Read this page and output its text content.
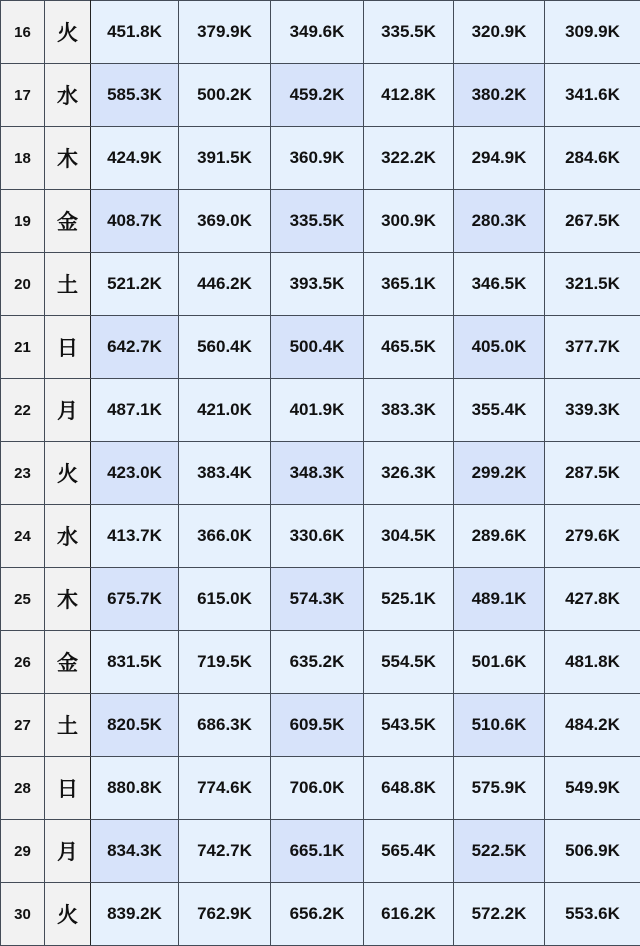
16	火	451.8K	379.9K	349.6K	335.5K	320.9K	309.9K
17	水	585.3K	500.2K	459.2K	412.8K	380.2K	341.6K
18	木	424.9K	391.5K	360.9K	322.2K	294.9K	284.6K
19	金	408.7K	369.0K	335.5K	300.9K	280.3K	267.5K
20	土	521.2K	446.2K	393.5K	365.1K	346.5K	321.5K
21	日	642.7K	560.4K	500.4K	465.5K	405.0K	377.7K
22	月	487.1K	421.0K	401.9K	383.3K	355.4K	339.3K
23	火	423.0K	383.4K	348.3K	326.3K	299.2K	287.5K
24	水	413.7K	366.0K	330.6K	304.5K	289.6K	279.6K
25	木	675.7K	615.0K	574.3K	525.1K	489.1K	427.8K
26	金	831.5K	719.5K	635.2K	554.5K	501.6K	481.8K
27	土	820.5K	686.3K	609.5K	543.5K	510.6K	484.2K
28	日	880.8K	774.6K	706.0K	648.8K	575.9K	549.9K
29	月	834.3K	742.7K	665.1K	565.4K	522.5K	506.9K
30	火	839.2K	762.9K	656.2K	616.2K	572.2K	553.6K
